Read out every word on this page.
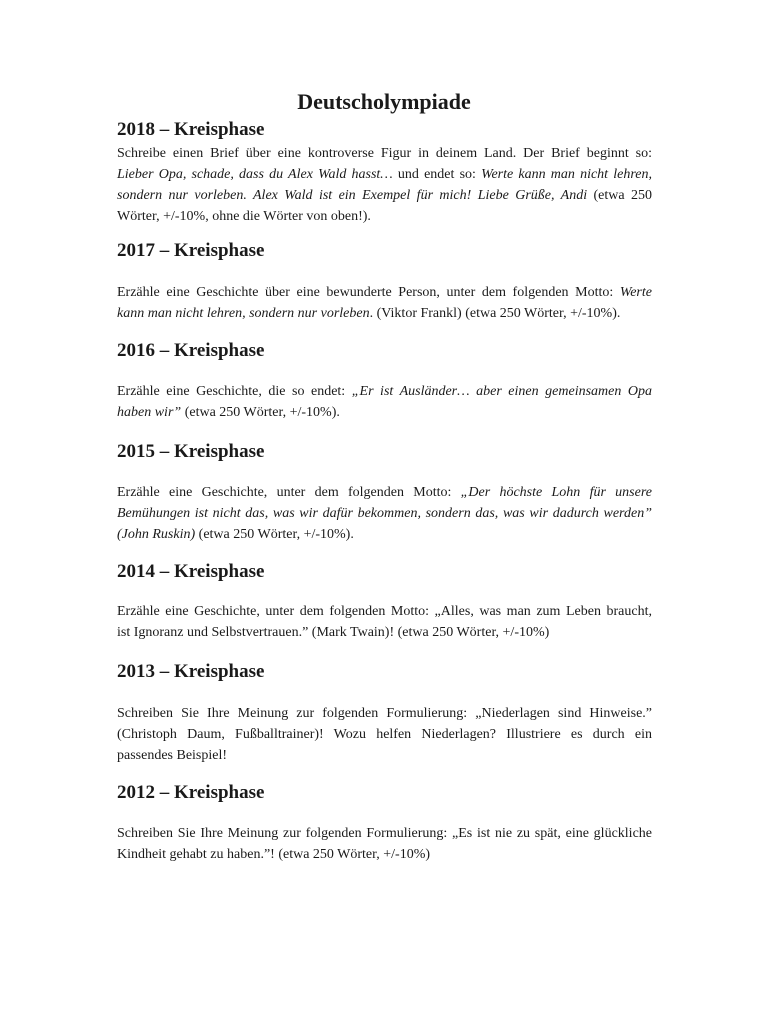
Deutscholympiade
2018 – Kreisphase

Schreibe einen Brief über eine kontroverse Figur in deinem Land. Der Brief beginnt so:
Lieber Opa, schade, dass du Alex Wald hasst… und endet so: Werte kann man nicht lehren,
sondern nur vorleben. Alex Wald ist ein Exempel für mich! Liebe Grüße, Andi (etwa 250
Wörter, +/-10%, ohne die Wörter von oben!).

2017 – Kreisphase

Erzähle eine Geschichte über eine bewunderte Person, unter dem folgenden Motto: Werte
kann man nicht lehren, sondern nur vorleben. (Viktor Frankl) (etwa 250 Wörter, +/-10%).

2016 – Kreisphase

Erzähle eine Geschichte, die so endet: „Er ist Ausländer… aber einen gemeinsamen Opa
haben wir” (etwa 250 Wörter, +/-10%).

2015 – Kreisphase

Erzähle eine Geschichte, unter dem folgenden Motto: „Der höchste Lohn für unsere
Bemühungen ist nicht das, was wir dafür bekommen, sondern das, was wir dadurch werden”
(John Ruskin) (etwa 250 Wörter, +/-10%).

2014 – Kreisphase

Erzähle eine Geschichte, unter dem folgenden Motto: „Alles, was man zum Leben braucht,
ist Ignoranz und Selbstvertrauen.” (Mark Twain)! (etwa 250 Wörter, +/-10%)

2013 – Kreisphase

Schreiben Sie Ihre Meinung zur folgenden Formulierung: „Niederlagen sind Hinweise.”
(Christoph Daum, Fußballtrainer)! Wozu helfen Niederlagen? Illustriere es durch ein
passendes Beispiel!

2012 – Kreisphase

Schreiben Sie Ihre Meinung zur folgenden Formulierung: „Es ist nie zu spät, eine glückliche
Kindheit gehabt zu haben.”! (etwa 250 Wörter, +/-10%)
